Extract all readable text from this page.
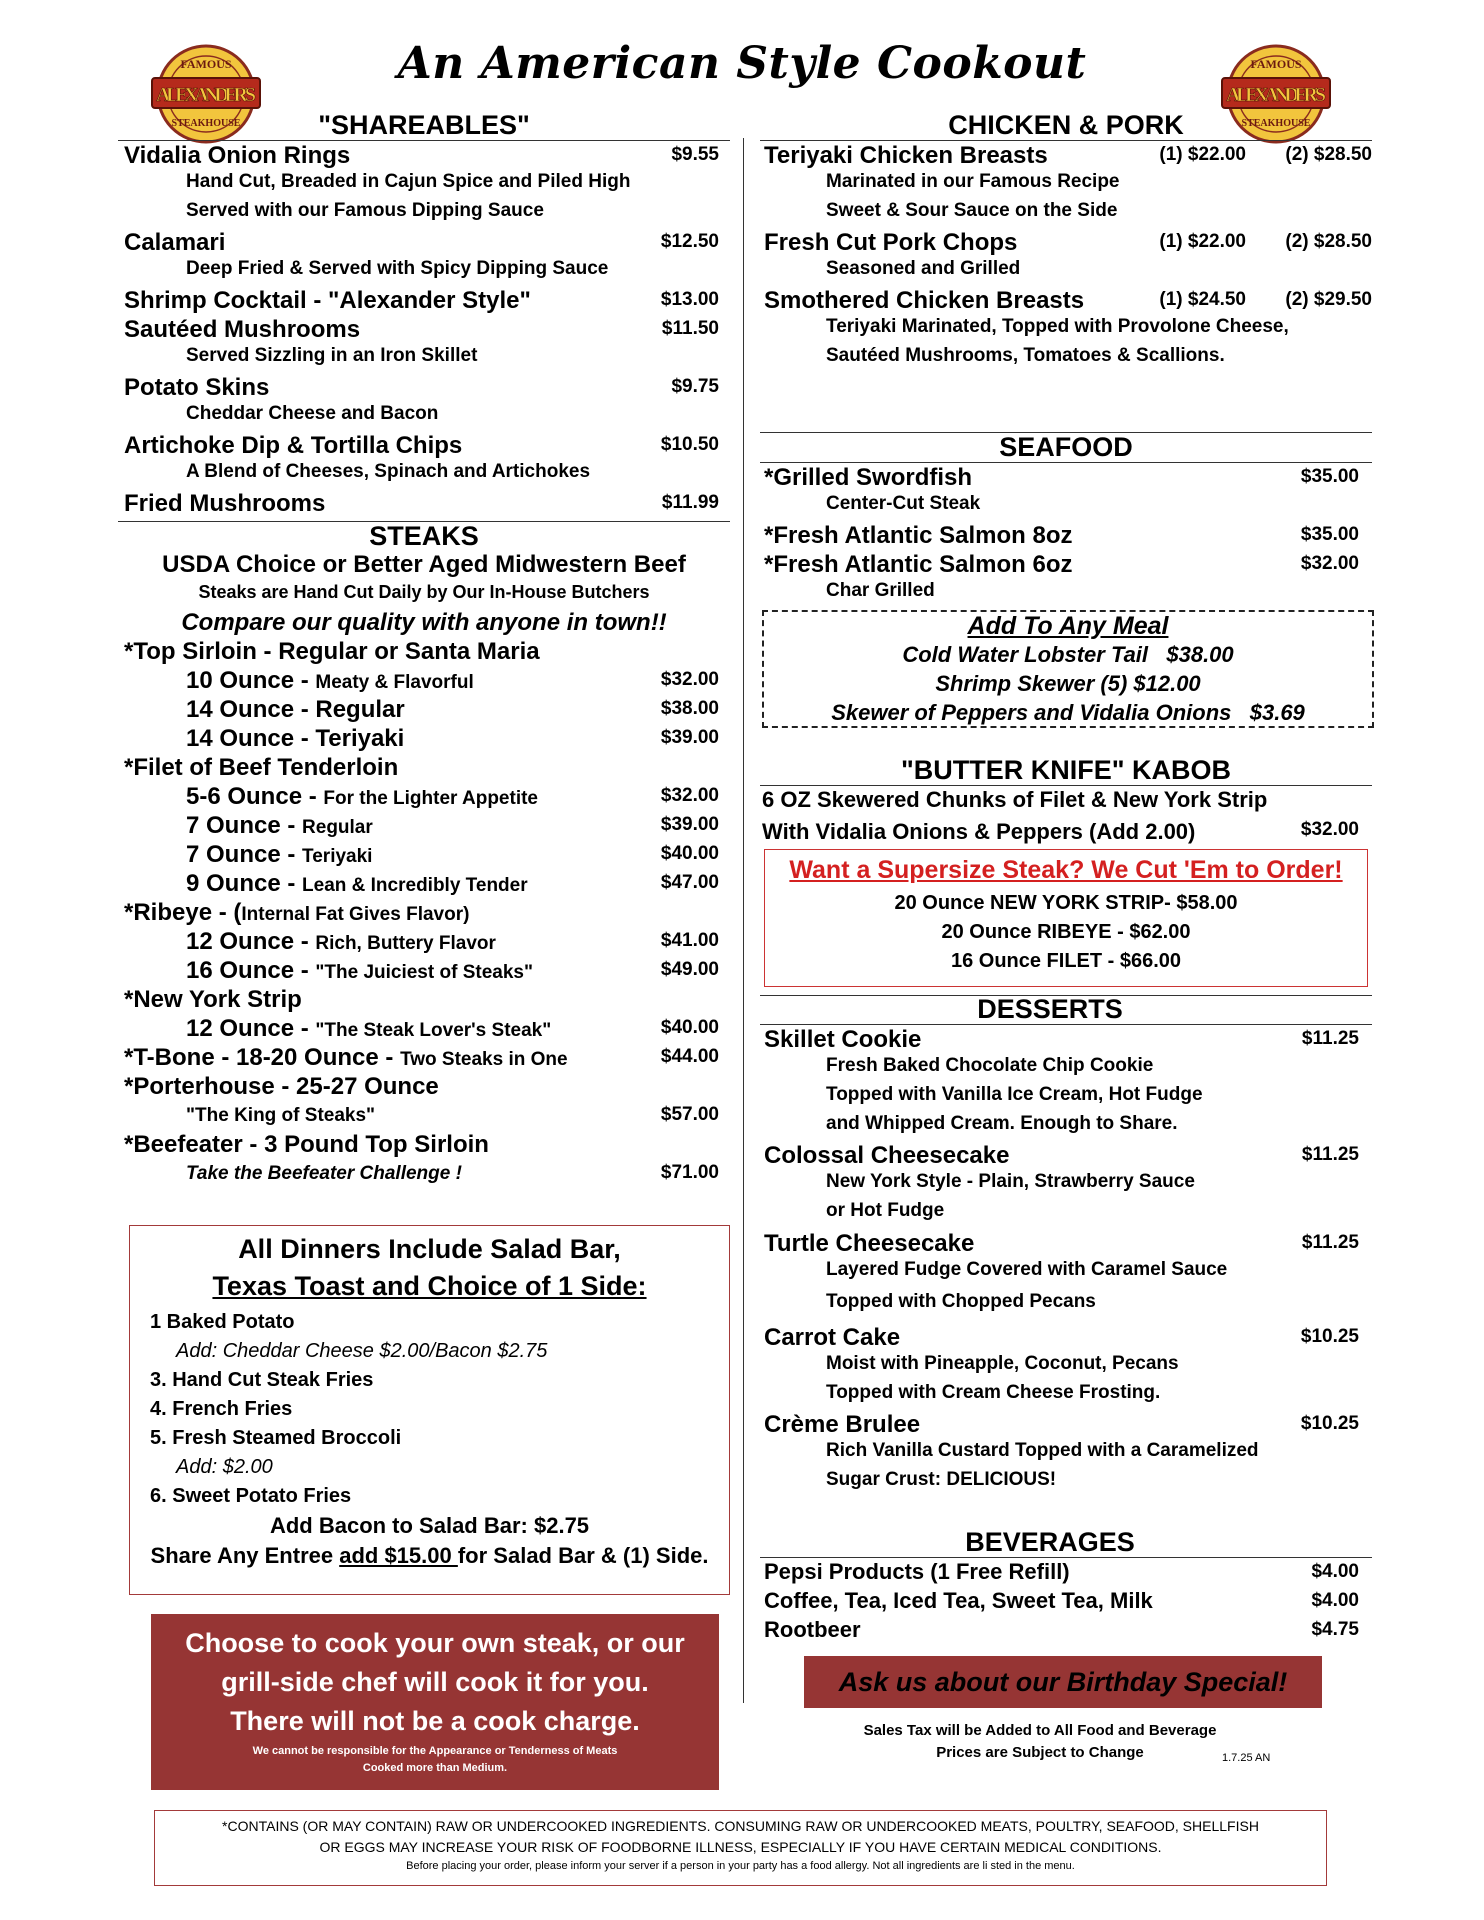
An American Style Cookout
FAMOUS
ALEXANDER'S
STEAKHOUSE
FAMOUS
ALEXANDER'S
STEAKHOUSE
"SHAREABLES"
Vidalia Onion Rings	$9.55
Hand Cut, Breaded in Cajun Spice and Piled High
Served with our Famous Dipping Sauce
Calamari	$12.50
Deep Fried & Served with Spicy Dipping Sauce
Shrimp Cocktail - "Alexander Style"	$13.00
Sautéed Mushrooms	$11.50
Served Sizzling in an Iron Skillet
Potato Skins	$9.75
Cheddar Cheese and Bacon
Artichoke Dip & Tortilla Chips	$10.50
A Blend of Cheeses, Spinach and Artichokes
Fried Mushrooms	$11.99
STEAKS
USDA Choice or Better Aged Midwestern Beef
Steaks are Hand Cut Daily by Our In-House Butchers
Compare our quality with anyone in town!!
*Top Sirloin - Regular or Santa Maria
10 Ounce - Meaty & Flavorful	$32.00
14 Ounce - Regular	$38.00
14 Ounce - Teriyaki	$39.00
*Filet of Beef Tenderloin
5-6 Ounce - For the Lighter Appetite	$32.00
7 Ounce - Regular	$39.00
7 Ounce - Teriyaki	$40.00
9 Ounce - Lean & Incredibly Tender	$47.00
*Ribeye - (Internal Fat Gives Flavor)
12 Ounce - Rich, Buttery Flavor	$41.00
16 Ounce - "The Juiciest of Steaks"	$49.00
*New York Strip
12 Ounce - "The Steak Lover's Steak"	$40.00
*T-Bone - 18-20 Ounce - Two Steaks in One	$44.00
*Porterhouse - 25-27 Ounce
"The King of Steaks"	$57.00
*Beefeater - 3 Pound Top Sirloin
Take the Beefeater Challenge !	$71.00
All Dinners Include Salad Bar,
Texas Toast and Choice of 1 Side:
1 Baked Potato
Add: Cheddar Cheese $2.00/Bacon $2.75
3. Hand Cut Steak Fries
4. French Fries
5. Fresh Steamed Broccoli
Add: $2.00
6. Sweet Potato Fries
Add Bacon to Salad Bar: $2.75
Share Any Entree add $15.00 for Salad Bar & (1) Side.
Choose to cook your own steak, or our
grill-side chef will cook it for you.
There will not be a cook charge.
We cannot be responsible for the Appearance or Tenderness of Meats
Cooked more than Medium.
CHICKEN & PORK
Teriyaki Chicken Breasts	(1) $22.00 (2) $28.50
Marinated in our Famous Recipe
Sweet & Sour Sauce on the Side
Fresh Cut Pork Chops	(1) $22.00 (2) $28.50
Seasoned and Grilled
Smothered Chicken Breasts	(1) $24.50 (2) $29.50
Teriyaki Marinated, Topped with Provolone Cheese,
Sautéed Mushrooms, Tomatoes & Scallions.
SEAFOOD
*Grilled Swordfish	$35.00
Center-Cut Steak
*Fresh Atlantic Salmon 8oz	$35.00
*Fresh Atlantic Salmon 6oz	$32.00
Char Grilled
Add To Any Meal
Cold Water Lobster Tail   $38.00
Shrimp Skewer (5) $12.00
Skewer of Peppers and Vidalia Onions   $3.69
"BUTTER KNIFE" KABOB
6 OZ Skewered Chunks of Filet & New York Strip
With Vidalia Onions & Peppers (Add 2.00)	$32.00
Want a Supersize Steak? We Cut 'Em to Order!
20 Ounce NEW YORK STRIP- $58.00
20 Ounce RIBEYE - $62.00
16 Ounce FILET - $66.00
DESSERTS
Skillet Cookie	$11.25
Fresh Baked Chocolate Chip Cookie
Topped with Vanilla Ice Cream, Hot Fudge
and Whipped Cream. Enough to Share.
Colossal Cheesecake	$11.25
New York Style - Plain, Strawberry Sauce
or Hot Fudge
Turtle Cheesecake	$11.25
Layered Fudge Covered with Caramel Sauce
Topped with Chopped Pecans
Carrot Cake	$10.25
Moist with Pineapple, Coconut, Pecans
Topped with Cream Cheese Frosting.
Crème Brulee	$10.25
Rich Vanilla Custard Topped with a Caramelized
Sugar Crust: DELICIOUS!
BEVERAGES
Pepsi Products (1 Free Refill)	$4.00
Coffee, Tea, Iced Tea, Sweet Tea, Milk	$4.00
Rootbeer	$4.75
Ask us about our Birthday Special!
Sales Tax will be Added to All Food and Beverage
Prices are Subject to Change	1.7.25 AN
*CONTAINS (OR MAY CONTAIN) RAW OR UNDERCOOKED INGREDIENTS. CONSUMING RAW OR UNDERCOOKED MEATS, POULTRY, SEAFOOD, SHELLFISH
OR EGGS MAY INCREASE YOUR RISK OF FOODBORNE ILLNESS, ESPECIALLY IF YOU HAVE CERTAIN MEDICAL CONDITIONS.
Before placing your order, please inform your server if a person in your party has a food allergy. Not all ingredients are li sted in the menu.
